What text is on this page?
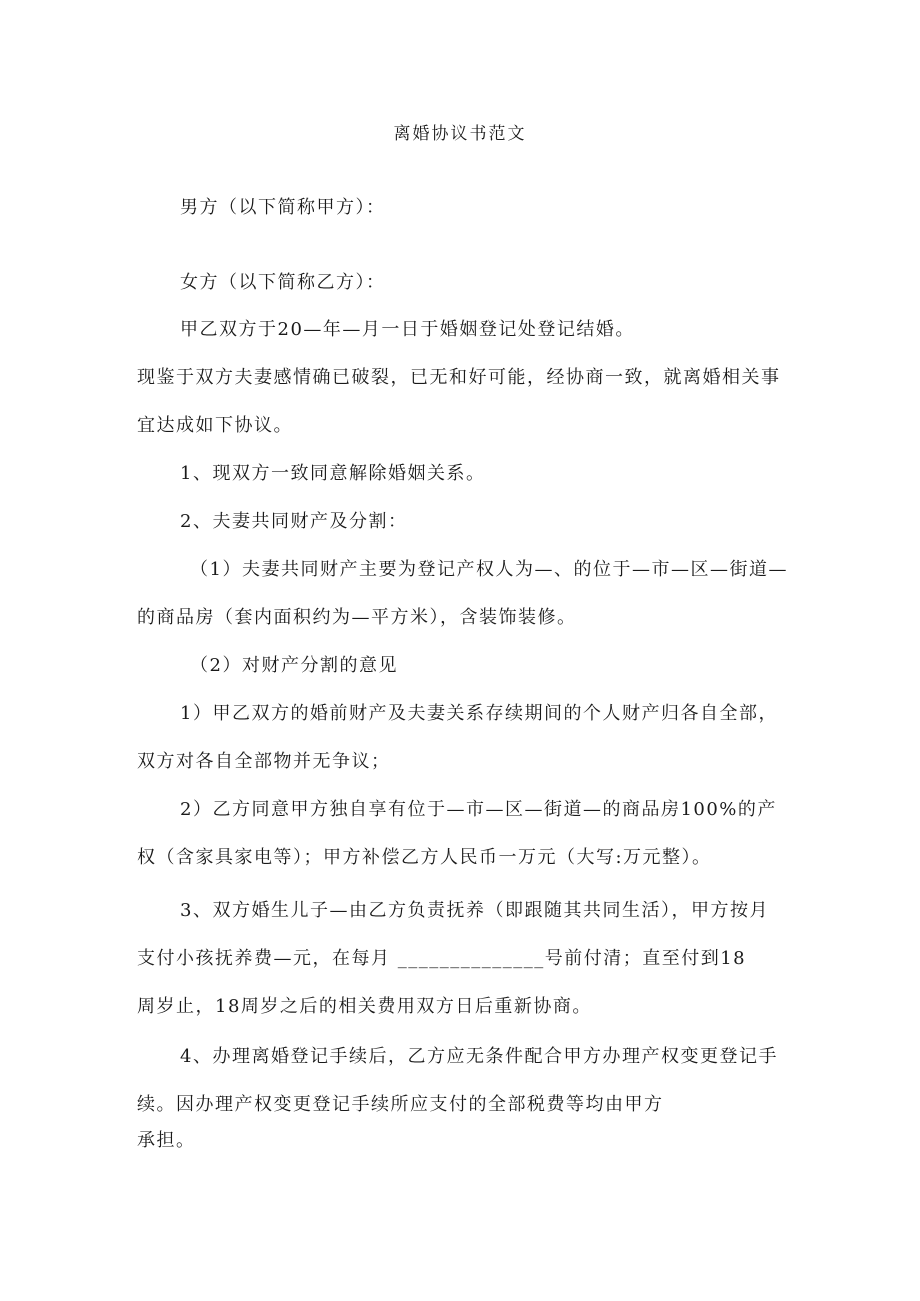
离婚协议书范文
男方（以下简称甲方）：
女方（以下简称乙方）：
甲乙双方于20—年—月一日于婚姻登记处登记结婚。
现鉴于双方夫妻感情确已破裂，已无和好可能，经协商一致，就离婚相关事
宜达成如下协议。
1、现双方一致同意解除婚姻关系。
2、夫妻共同财产及分割：
（1）夫妻共同财产主要为登记产权人为—、的位于—市—区—街道—
的商品房（套内面积约为—平方米），含装饰装修。
（2）对财产分割的意见
1）甲乙双方的婚前财产及夫妻关系存续期间的个人财产归各自全部，
双方对各自全部物并无争议；
2）乙方同意甲方独自享有位于—市—区—街道—的商品房100%的产
权（含家具家电等）；甲方补偿乙方人民币一万元（大写:万元整）。
3、双方婚生儿子—由乙方负责抚养（即跟随其共同生活），甲方按月
支付小孩抚养费—元，在每月 ______________号前付清；直至付到18
周岁止，18周岁之后的相关费用双方日后重新协商。
4、办理离婚登记手续后，乙方应无条件配合甲方办理产权变更登记手
续。因办理产权变更登记手续所应支付的全部税费等均由甲方
承担。
